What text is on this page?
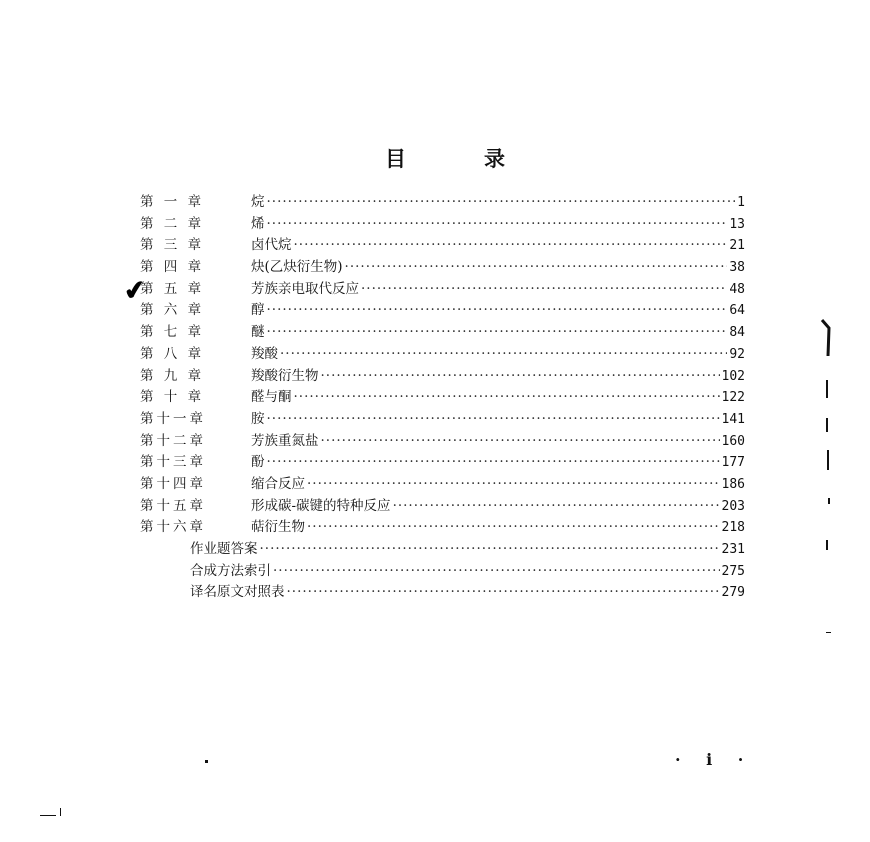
目	录
✔
第 一 章	烷 ·····	1
第 二 章	烯 ·····	13
第 三 章	卤代烷 ·····	21
第 四 章	炔(乙炔衍生物) ·····	38
第 五 章	芳族亲电取代反应 ·····	48
第 六 章	醇 ·····	64
第 七 章	醚 ·····	84
第 八 章	羧酸 ·····	92
第 九 章	羧酸衍生物 ·····	102
第 十 章	醛与酮 ·····	122
第十一章	胺 ·····	141
第十二章	芳族重氮盐 ·····	160
第十三章	酚 ·····	177
第十四章	缩合反应 ·····	186
第十五章	形成碳-碳键的特种反应 ·····	203
第十六章	萜衍生物 ·····	218
作业题答案 ·····	231
合成方法索引 ·····	275
译名原文对照表 ·····	279
· i ·
